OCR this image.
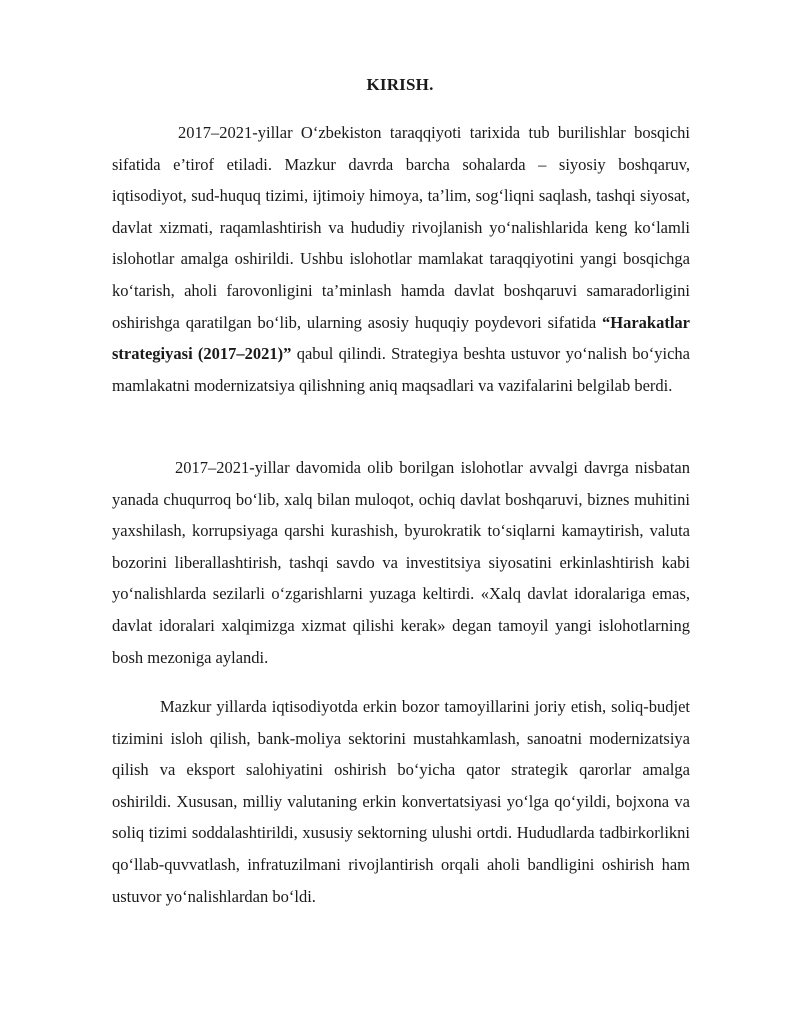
KIRISH.

2017–2021-yillar O‘zbekiston taraqqiyoti tarixida tub burilishlar bosqichi sifatida e’tirof etiladi. Mazkur davrda barcha sohalarda – siyosiy boshqaruv, iqtisodiyot, sud-huquq tizimi, ijtimoiy himoya, ta’lim, sog‘liqni saqlash, tashqi siyosat, davlat xizmati, raqamlashtirish va hududiy rivojlanish yo‘nalishlarida keng ko‘lamli islohotlar amalga oshirildi. Ushbu islohotlar mamlakat taraqqiyotini yangi bosqichga ko‘tarish, aholi farovonligini ta’minlash hamda davlat boshqaruvi samaradorligini oshirishga qaratilgan bo‘lib, ularning asosiy huquqiy poydevori sifatida “Harakatlar strategiyasi (2017–2021)” qabul qilindi. Strategiya beshta ustuvor yo‘nalish bo‘yicha mamlakatni modernizatsiya qilishning aniq maqsadlari va vazifalarini belgilab berdi.

2017–2021-yillar davomida olib borilgan islohotlar avvalgi davrga nisbatan yanada chuqurroq bo‘lib, xalq bilan muloqot, ochiq davlat boshqaruvi, biznes muhitini yaxshilash, korrupsiyaga qarshi kurashish, byurokratik to‘siqlarni kamaytirish, valuta bozorini liberallashtirish, tashqi savdo va investitsiya siyosatini erkinlashtirish kabi yo‘nalishlarda sezilarli o‘zgarishlarni yuzaga keltirdi. «Xalq davlat idoralariga emas, davlat idoralari xalqimizga xizmat qilishi kerak» degan tamoyil yangi islohotlarning bosh mezoniga aylandi.

Mazkur yillarda iqtisodiyotda erkin bozor tamoyillarini joriy etish, soliq-budjet tizimini isloh qilish, bank-moliya sektorini mustahkamlash, sanoatni modernizatsiya qilish va eksport salohiyatini oshirish bo‘yicha qator strategik qarorlar amalga oshirildi. Xususan, milliy valutaning erkin konvertatsiyasi yo‘lga qo‘yildi, bojxona va soliq tizimi soddalashtirildi, xususiy sektorning ulushi ortdi. Hududlarda tadbirkorlikni qo‘llab-quvvatlash, infratuzilmani rivojlantirish orqali aholi bandligini oshirish ham ustuvor yo‘nalishlardan bo‘ldi.
